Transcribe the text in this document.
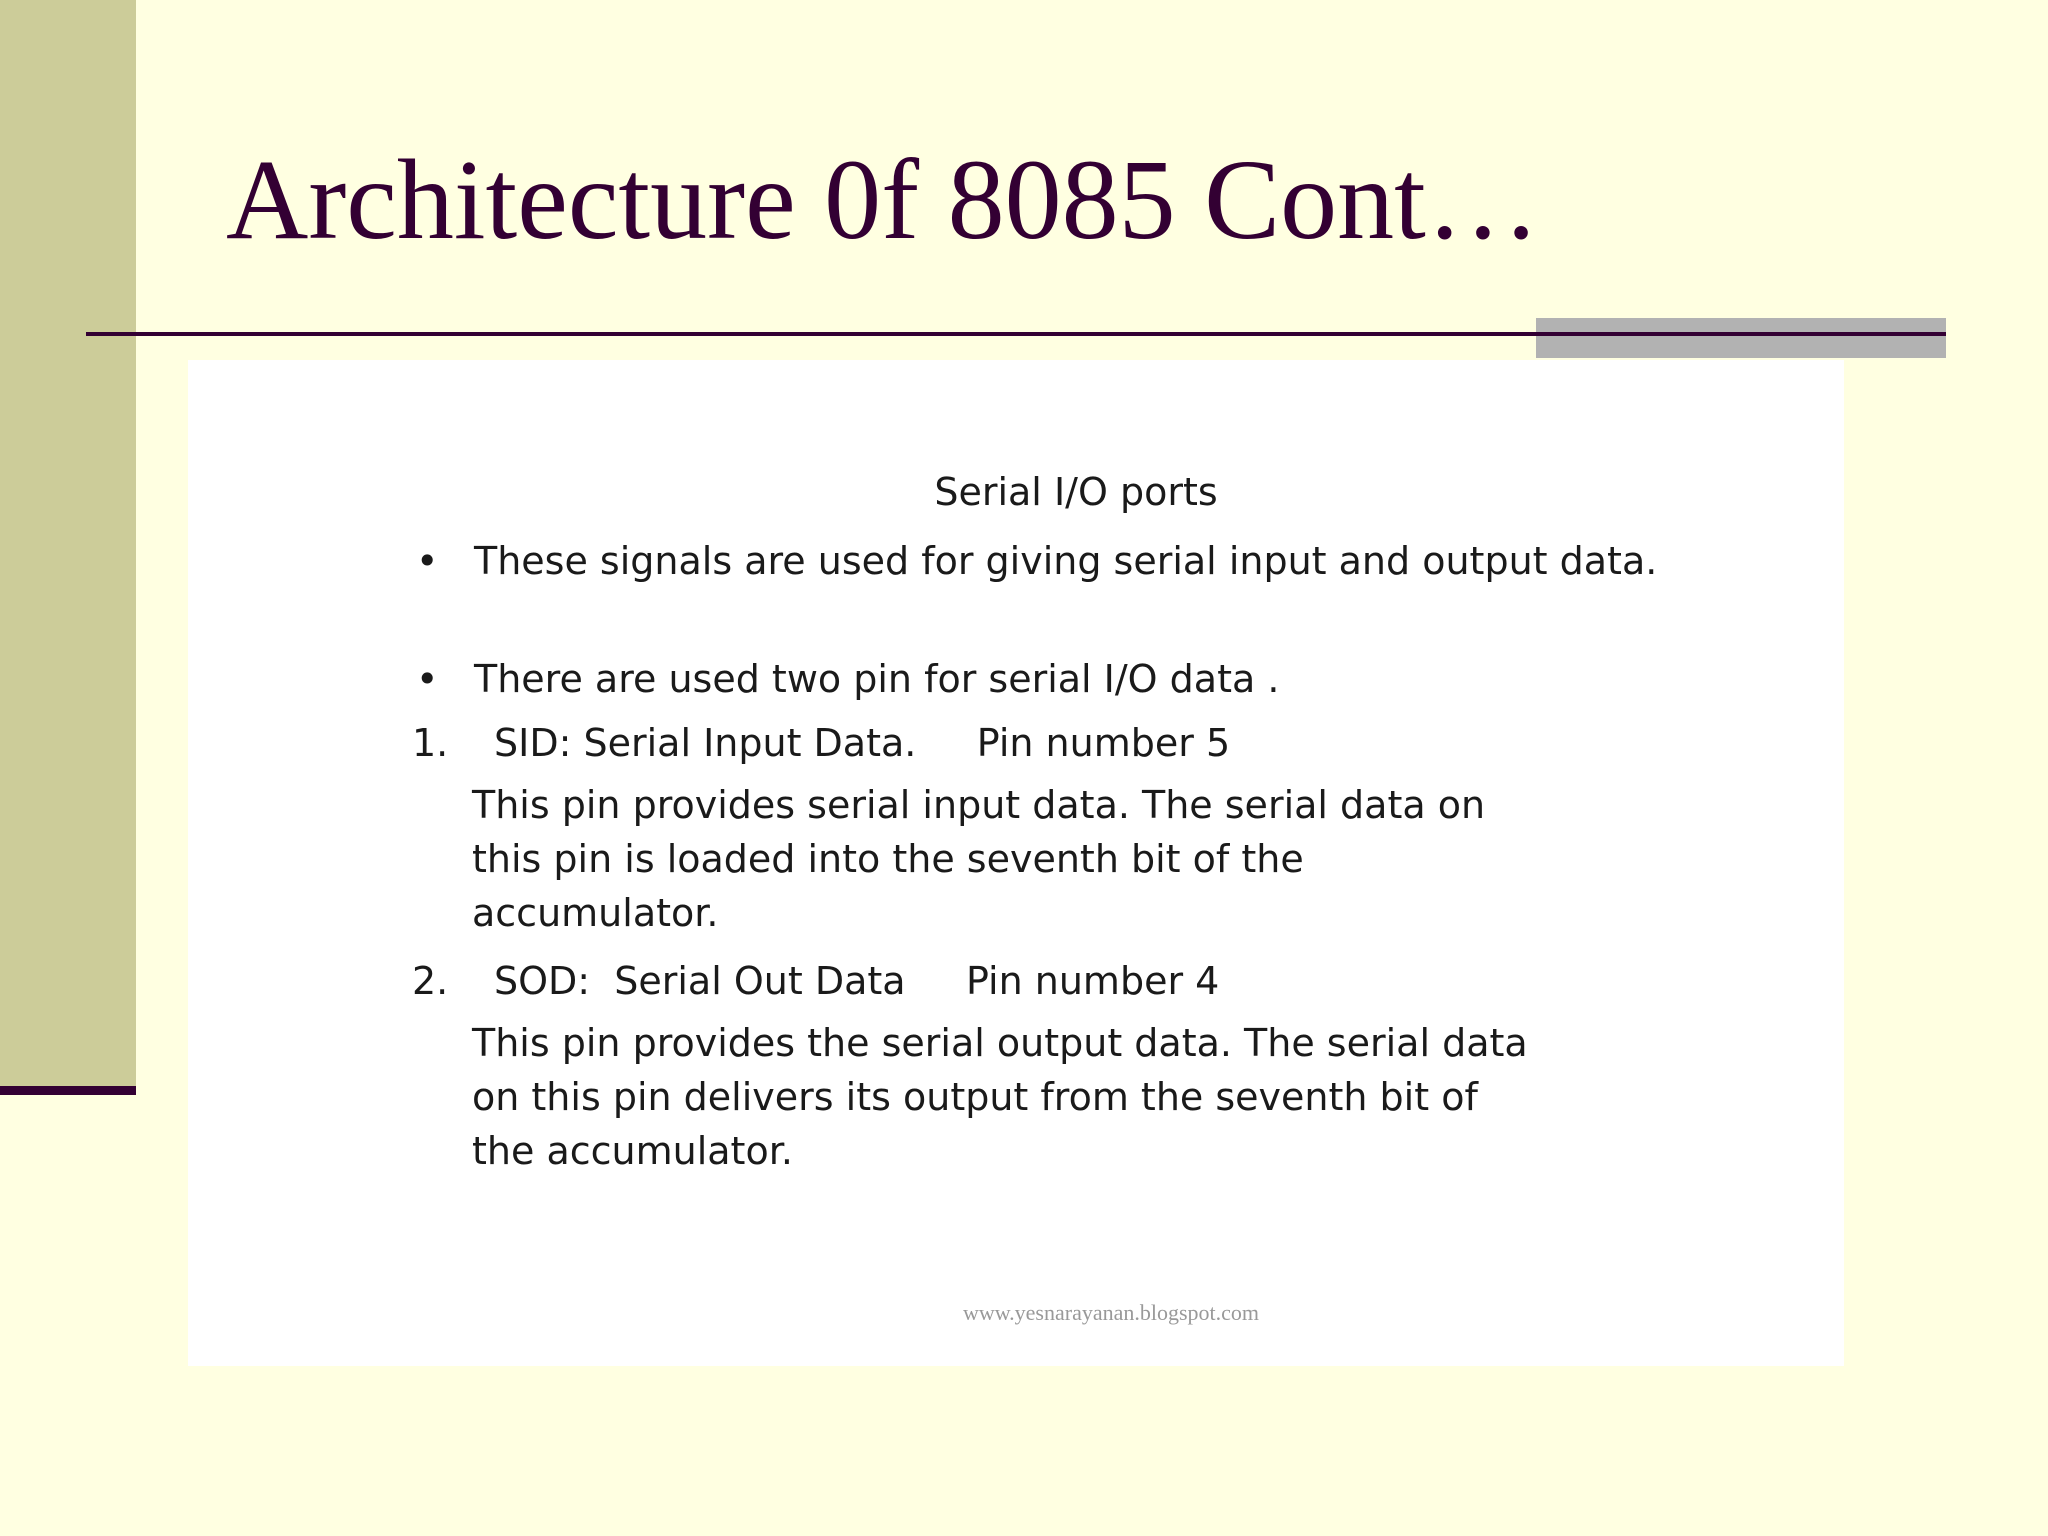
Architecture 0f 8085 Cont…
Serial I/O ports
• These signals are used for giving serial input and output data.
• There are used two pin for serial I/O data .
1. SID: Serial Input Data.     Pin number 5
This pin provides serial input data. The serial data on
this pin is loaded into the seventh bit of the
accumulator.
2. SOD:  Serial Out Data     Pin number 4
This pin provides the serial output data. The serial data
on this pin delivers its output from the seventh bit of
the accumulator.
www.yesnarayanan.blogspot.com
